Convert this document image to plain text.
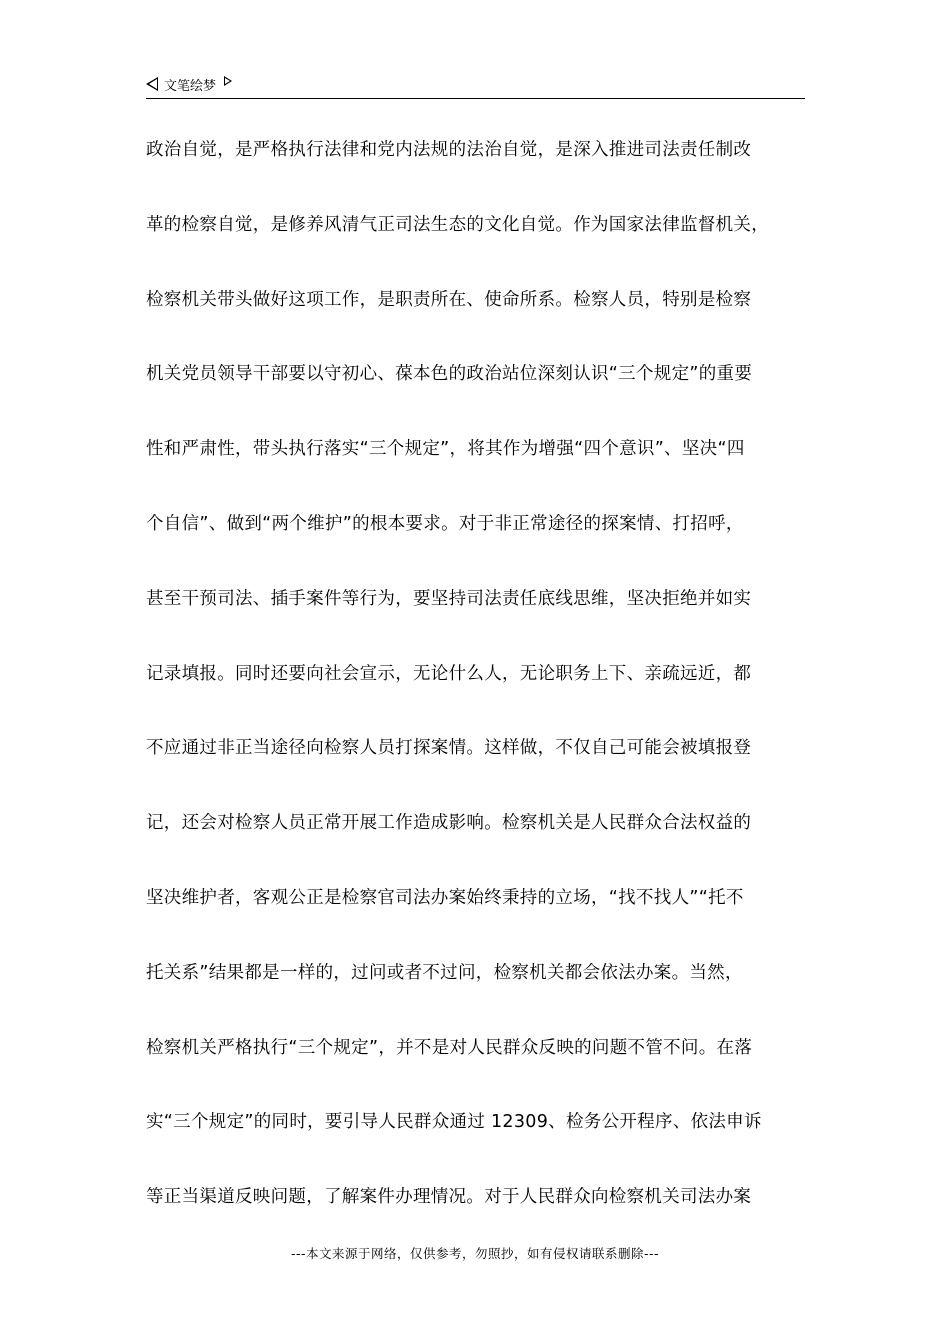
文笔绘梦
政治自觉，是严格执行法律和党内法规的法治自觉，是深入推进司法责任制改
革的检察自觉，是修养风清气正司法生态的文化自觉。作为国家法律监督机关，
检察机关带头做好这项工作，是职责所在、使命所系。检察人员，特别是检察
机关党员领导干部要以守初心、葆本色的政治站位深刻认识“三个规定”的重要
性和严肃性，带头执行落实“三个规定”，将其作为增强“四个意识”、坚决“四
个自信”、做到“两个维护”的根本要求。对于非正常途径的探案情、打招呼，
甚至干预司法、插手案件等行为，要坚持司法责任底线思维，坚决拒绝并如实
记录填报。同时还要向社会宣示，无论什么人，无论职务上下、亲疏远近，都
不应通过非正当途径向检察人员打探案情。这样做，不仅自己可能会被填报登
记，还会对检察人员正常开展工作造成影响。检察机关是人民群众合法权益的
坚决维护者，客观公正是检察官司法办案始终秉持的立场，“找不找人”“托不
托关系”结果都是一样的，过问或者不过问，检察机关都会依法办案。当然，
检察机关严格执行“三个规定”，并不是对人民群众反映的问题不管不问。在落
实“三个规定”的同时，要引导人民群众通过 12309、检务公开程序、依法申诉
等正当渠道反映问题，了解案件办理情况。对于人民群众向检察机关司法办案
---本文来源于网络，仅供参考，勿照抄，如有侵权请联系删除---
